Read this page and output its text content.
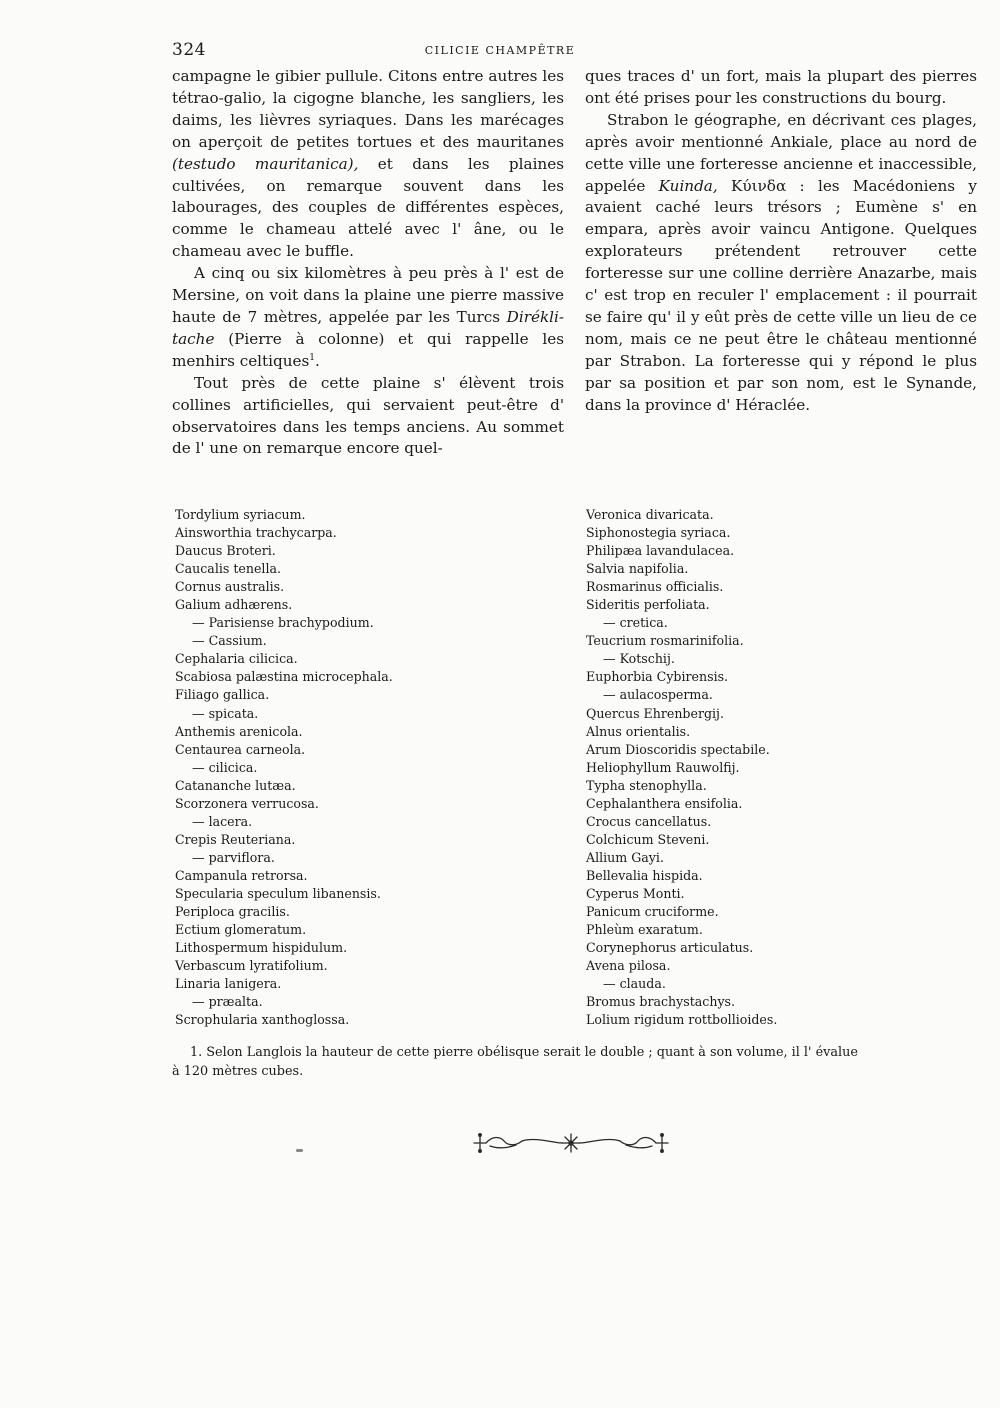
324	CILICIE CHAMPÊTRE

campagne le gibier pullule. Citons entre autres les tétrao-galio, la cigogne blanche, les sangliers, les daims, les lièvres syriaques. Dans les marécages on aperçoit de petites tortues et des mauritanes (testudo mauritanica), et dans les plaines cultivées, on remarque souvent dans les labourages, des couples de différentes espèces, comme le chameau attelé avec l' âne, ou le chameau avec le buffle.

A cinq ou six kilomètres à peu près à l' est de Mersine, on voit dans la plaine une pierre massive haute de 7 mètres, appelée par les Turcs Dirékli-tache (Pierre à colonne) et qui rappelle les menhirs celtiques$^1$.

Tout près de cette plaine s' élèvent trois collines artificielles, qui servaient peut-être d' observatoires dans les temps anciens. Au sommet de l' une on remarque encore quel-

ques traces d' un fort, mais la plupart des pierres ont été prises pour les constructions du bourg.

Strabon le géographe, en décrivant ces plages, après avoir mentionné Ankiale, place au nord de cette ville une forteresse ancienne et inaccessible, appelée Kuinda, Κύινδα : les Macédoniens y avaient caché leurs trésors ; Eumène s' en empara, après avoir vaincu Antigone. Quelques explorateurs prétendent retrouver cette forteresse sur une colline derrière Anazarbe, mais c' est trop en reculer l' emplacement : il pourrait se faire qu' il y eût près de cette ville un lieu de ce nom, mais ce ne peut être le château mentionné par Strabon. La forteresse qui y répond le plus par sa position et par son nom, est le Synande, dans la province d' Héraclée.

Tordylium syriacum.
Ainsworthia trachycarpa.
Daucus Broteri.
Caucalis tenella.
Cornus australis.
Galium adhærens.
— Parisiense brachypodium.
— Cassium.
Cephalaria cilicica.
Scabiosa palæstina microcephala.
Filiago gallica.
— spicata.
Anthemis arenicola.
Centaurea carneola.
— cilicica.
Catananche lutæa.
Scorzonera verrucosa.
— lacera.
Crepis Reuteriana.
— parviflora.
Campanula retrorsa.
Specularia speculum libanensis.
Periploca gracilis.
Ectium glomeratum.
Lithospermum hispidulum.
Verbascum lyratifolium.
Linaria lanigera.
— præalta.
Scrophularia xanthoglossa.
Veronica divaricata.
Siphonostegia syriaca.
Philipæa lavandulacea.
Salvia napifolia.
Rosmarinus officialis.
Sideritis perfoliata.
— cretica.
Teucrium rosmarinifolia.
— Kotschij.
Euphorbia Cybirensis.
— aulacosperma.
Quercus Ehrenbergij.
Alnus orientalis.
Arum Dioscoridis spectabile.
Heliophyllum Rauwolfij.
Typha stenophylla.
Cephalanthera ensifolia.
Crocus cancellatus.
Colchicum Steveni.
Allium Gayi.
Bellevalia hispida.
Cyperus Monti.
Panicum cruciforme.
Phleùm exaratum.
Corynephorus articulatus.
Avena pilosa.
— clauda.
Bromus brachystachys.
Lolium rigidum rottbollioides.
1. Selon Langlois la hauteur de cette pierre obélisque serait le double ; quant à son volume, il l' évalue
à 120 mètres cubes.
